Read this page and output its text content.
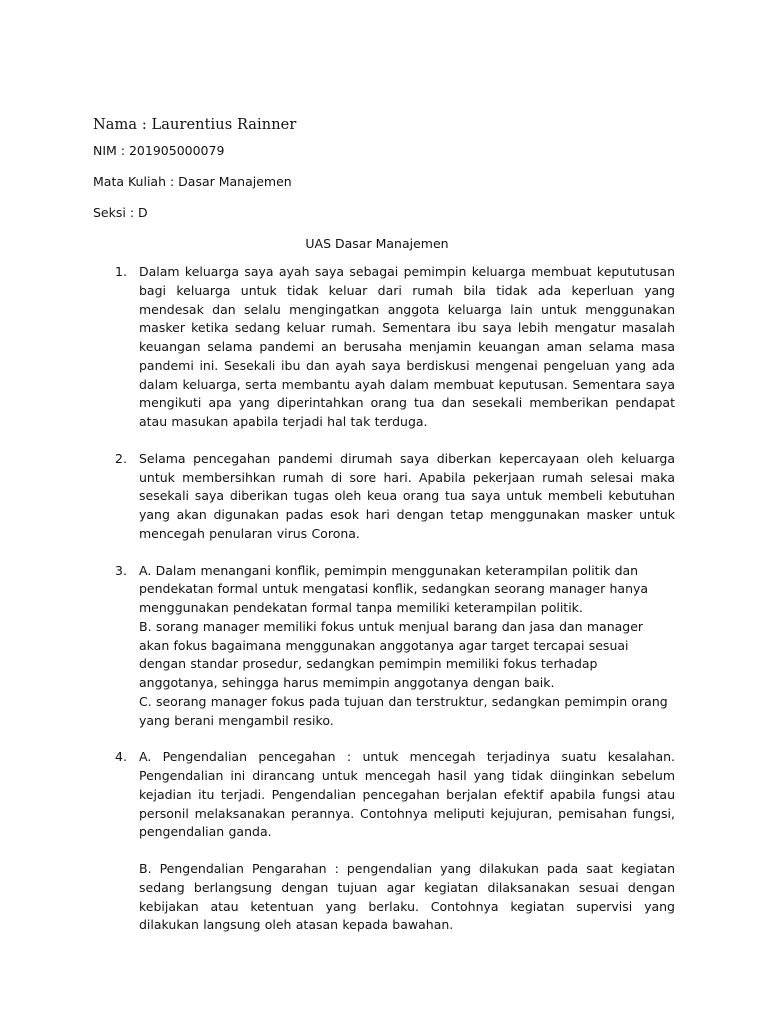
Nama : Laurentius Rainner
NIM : 201905000079
Mata Kuliah : Dasar Manajemen
Seksi : D
UAS Dasar Manajemen
1. Dalam keluarga saya ayah saya sebagai pemimpin keluarga membuat kepututusan bagi keluarga untuk tidak keluar dari rumah bila tidak ada keperluan yang mendesak dan selalu mengingatkan anggota keluarga lain untuk menggunakan masker ketika sedang keluar rumah. Sementara ibu saya lebih mengatur masalah keuangan selama pandemi an berusaha menjamin keuangan aman selama masa pandemi ini. Sesekali ibu dan ayah saya berdiskusi mengenai pengeluan yang ada dalam keluarga, serta membantu ayah dalam membuat keputusan. Sementara saya mengikuti apa yang diperintahkan orang tua dan sesekali memberikan pendapat atau masukan apabila terjadi hal tak terduga.

2. Selama pencegahan pandemi dirumah saya diberkan kepercayaan oleh keluarga untuk membersihkan rumah di sore hari. Apabila pekerjaan rumah selesai maka sesekali saya diberikan tugas oleh keua orang tua saya untuk membeli kebutuhan yang akan digunakan padas esok hari dengan tetap menggunakan masker untuk mencegah penularan virus Corona.

3. A. Dalam menangani konflik, pemimpin menggunakan keterampilan politik dan pendekatan formal untuk mengatasi konflik, sedangkan seorang manager hanya menggunakan pendekatan formal tanpa memiliki keterampilan politik.

B. sorang manager memiliki fokus untuk menjual barang dan jasa dan manager akan fokus bagaimana menggunakan anggotanya agar target tercapai sesuai dengan standar prosedur, sedangkan pemimpin memiliki fokus terhadap anggotanya, sehingga harus memimpin anggotanya dengan baik.

C. seorang manager fokus pada tujuan dan terstruktur, sedangkan pemimpin orang yang berani mengambil resiko.

4. A. Pengendalian pencegahan : untuk mencegah terjadinya suatu kesalahan. Pengendalian ini dirancang untuk mencegah hasil yang tidak diinginkan sebelum kejadian itu terjadi. Pengendalian pencegahan berjalan efektif apabila fungsi atau personil melaksanakan perannya. Contohnya meliputi kejujuran, pemisahan fungsi, pengendalian ganda.

B. Pengendalian Pengarahan : pengendalian yang dilakukan pada saat kegiatan sedang berlangsung dengan tujuan agar kegiatan dilaksanakan sesuai dengan kebijakan atau ketentuan yang berlaku. Contohnya kegiatan supervisi yang dilakukan langsung oleh atasan kepada bawahan.
